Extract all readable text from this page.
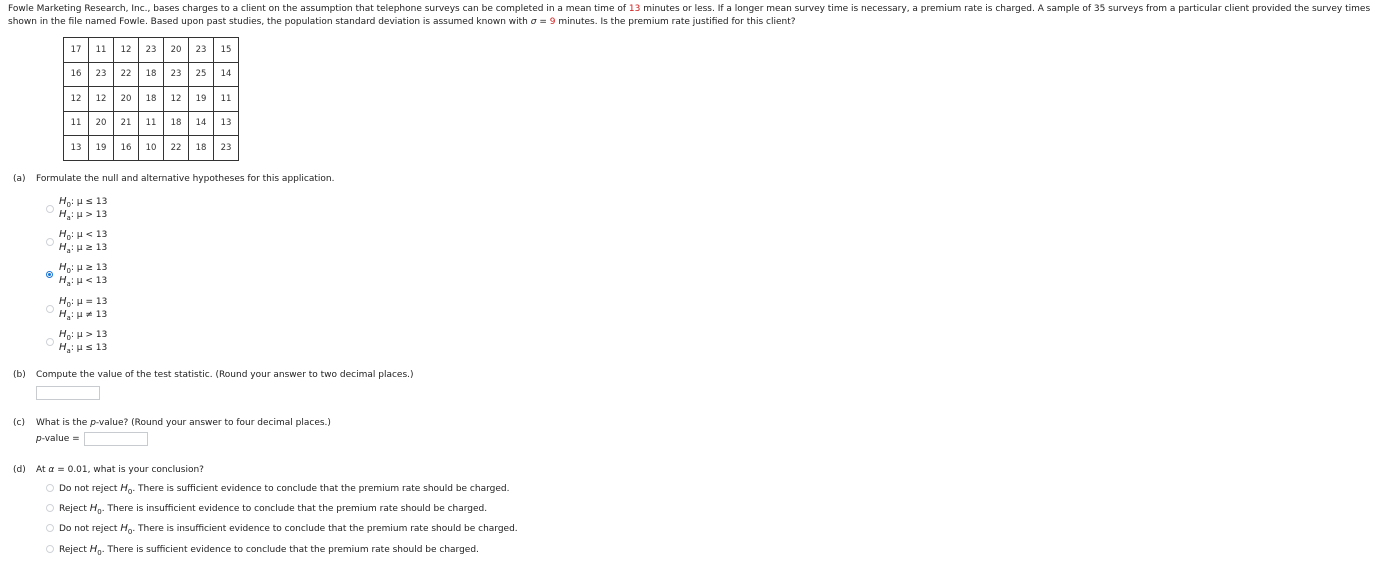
Fowle Marketing Research, Inc., bases charges to a client on the assumption that telephone surveys can be completed in a mean time of 13 minutes or less. If a longer mean survey time is necessary, a premium rate is charged. A sample of 35 surveys from a particular client provided the survey times shown in the file named Fowle. Based upon past studies, the population standard deviation is assumed known with σ = 9 minutes. Is the premium rate justified for this client?
17	11	12	23	20	23	15
16	23	22	18	23	25	14
12	12	20	18	12	19	11
11	20	21	11	18	14	13
13	19	16	10	22	18	23
(a) Formulate the null and alternative hypotheses for this application.
$H_0$: μ ≤ 13
$H_a$: μ > 13
$H_0$: μ < 13
$H_a$: μ ≥ 13
$H_0$: μ ≥ 13
$H_a$: μ < 13
$H_0$: μ = 13
$H_a$: μ ≠ 13
$H_0$: μ > 13
$H_a$: μ ≤ 13
(b) Compute the value of the test statistic. (Round your answer to two decimal places.)
(c) What is the p-value? (Round your answer to four decimal places.)
p-value =
(d) At α = 0.01, what is your conclusion?
Do not reject $H_0$. There is sufficient evidence to conclude that the premium rate should be charged.
Reject $H_0$. There is insufficient evidence to conclude that the premium rate should be charged.
Do not reject $H_0$. There is insufficient evidence to conclude that the premium rate should be charged.
Reject $H_0$. There is sufficient evidence to conclude that the premium rate should be charged.
